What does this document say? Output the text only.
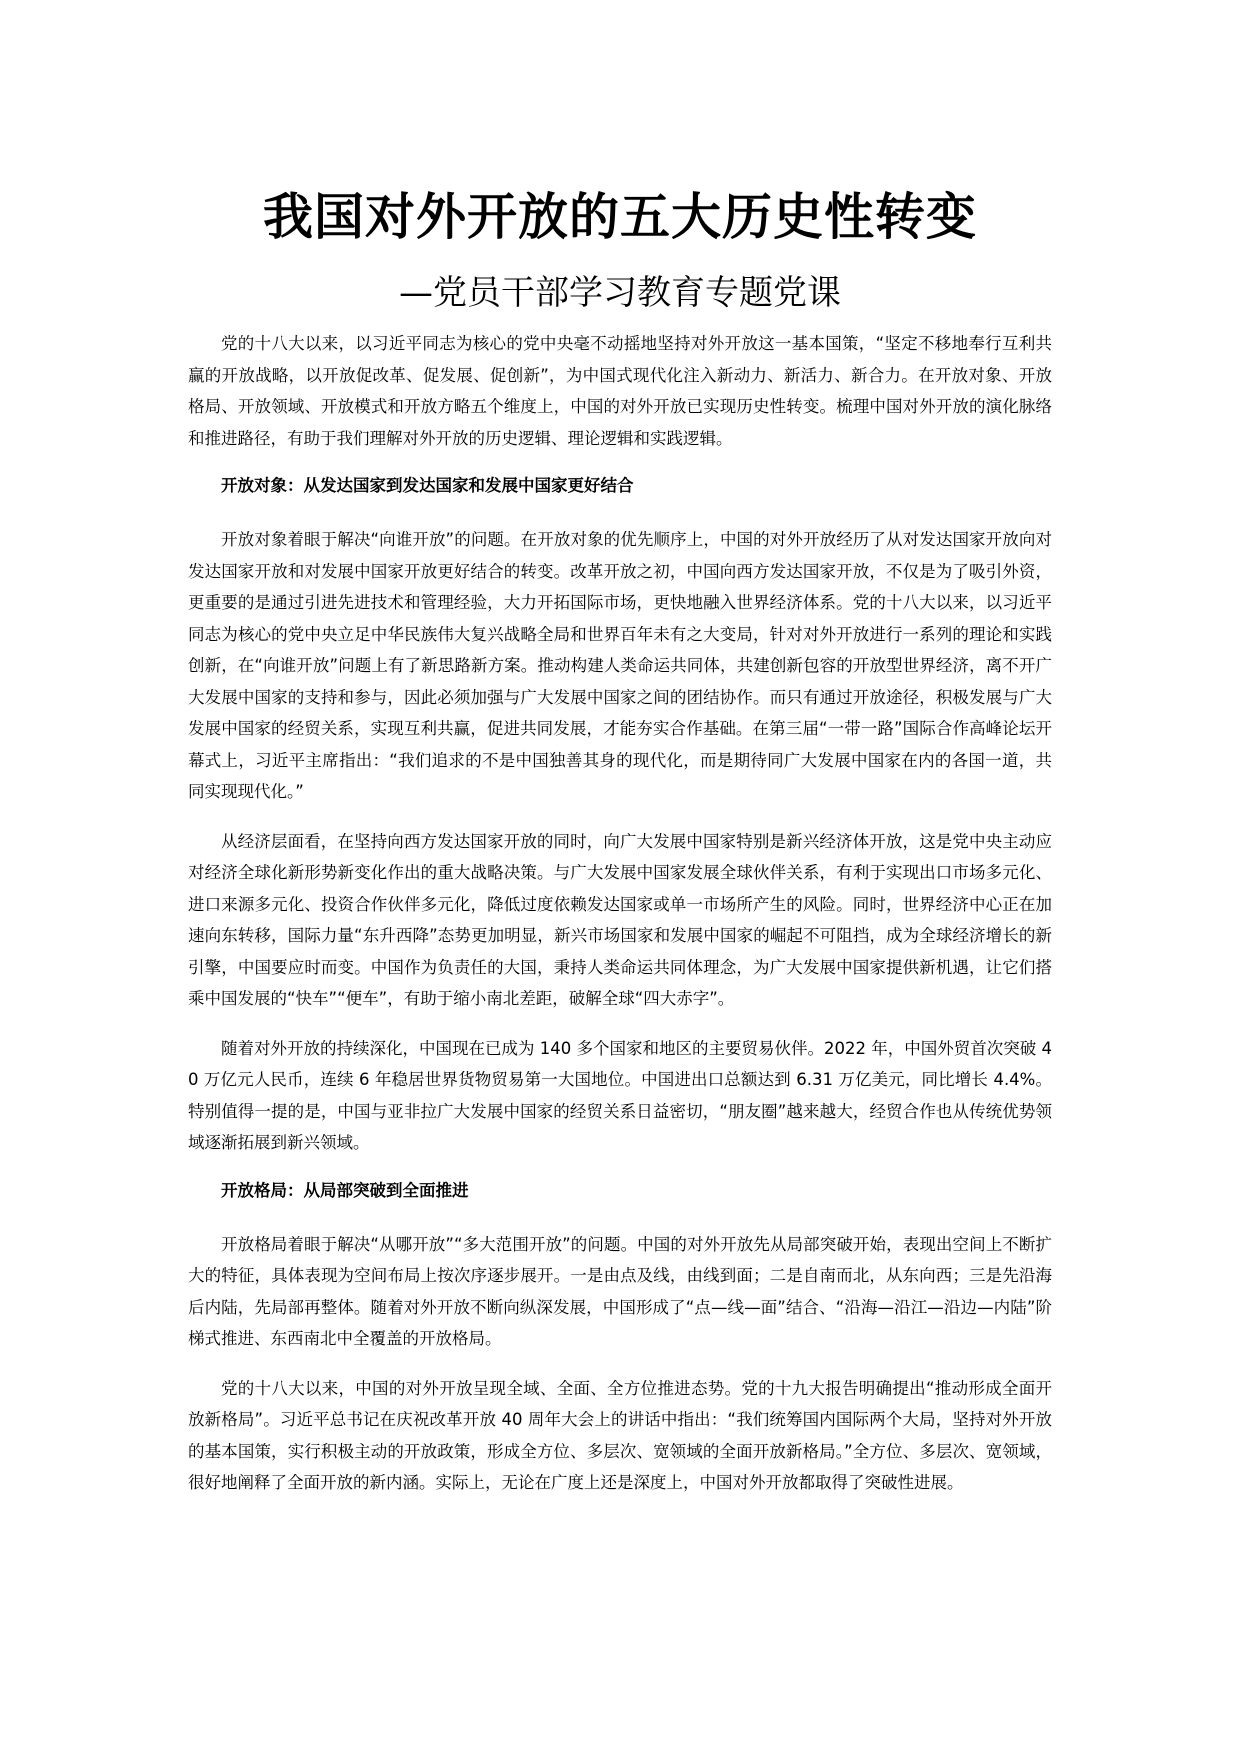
我国对外开放的五大历史性转变
—党员干部学习教育专题党课

党的十八大以来，以习近平同志为核心的党中央毫不动摇地坚持对外开放这一基本国策，“坚定不移地奉行互利共赢的开放战略，以开放促改革、促发展、促创新”，为中国式现代化注入新动力、新活力、新合力。在开放对象、开放格局、开放领域、开放模式和开放方略五个维度上，中国的对外开放已实现历史性转变。梳理中国对外开放的演化脉络和推进路径，有助于我们理解对外开放的历史逻辑、理论逻辑和实践逻辑。

开放对象：从发达国家到发达国家和发展中国家更好结合

开放对象着眼于解决“向谁开放”的问题。在开放对象的优先顺序上，中国的对外开放经历了从对发达国家开放向对发达国家开放和对发展中国家开放更好结合的转变。改革开放之初，中国向西方发达国家开放，不仅是为了吸引外资，更重要的是通过引进先进技术和管理经验，大力开拓国际市场，更快地融入世界经济体系。党的十八大以来，以习近平同志为核心的党中央立足中华民族伟大复兴战略全局和世界百年未有之大变局，针对对外开放进行一系列的理论和实践创新，在“向谁开放”问题上有了新思路新方案。推动构建人类命运共同体，共建创新包容的开放型世界经济，离不开广大发展中国家的支持和参与，因此必须加强与广大发展中国家之间的团结协作。而只有通过开放途径，积极发展与广大发展中国家的经贸关系，实现互利共赢，促进共同发展，才能夯实合作基础。在第三届“一带一路”国际合作高峰论坛开幕式上，习近平主席指出：“我们追求的不是中国独善其身的现代化，而是期待同广大发展中国家在内的各国一道，共同实现现代化。”

从经济层面看，在坚持向西方发达国家开放的同时，向广大发展中国家特别是新兴经济体开放，这是党中央主动应对经济全球化新形势新变化作出的重大战略决策。与广大发展中国家发展全球伙伴关系，有利于实现出口市场多元化、进口来源多元化、投资合作伙伴多元化，降低过度依赖发达国家或单一市场所产生的风险。同时，世界经济中心正在加速向东转移，国际力量“东升西降”态势更加明显，新兴市场国家和发展中国家的崛起不可阻挡，成为全球经济增长的新引擎，中国要应时而变。中国作为负责任的大国，秉持人类命运共同体理念，为广大发展中国家提供新机遇，让它们搭乘中国发展的“快车”“便车”，有助于缩小南北差距，破解全球“四大赤字”。

随着对外开放的持续深化，中国现在已成为 140 多个国家和地区的主要贸易伙伴。2022 年，中国外贸首次突破 40 万亿元人民币，连续 6 年稳居世界货物贸易第一大国地位。中国进出口总额达到 6.31 万亿美元，同比增长 4.4%。特别值得一提的是，中国与亚非拉广大发展中国家的经贸关系日益密切，“朋友圈”越来越大，经贸合作也从传统优势领域逐渐拓展到新兴领域。

开放格局：从局部突破到全面推进

开放格局着眼于解决“从哪开放”“多大范围开放”的问题。中国的对外开放先从局部突破开始，表现出空间上不断扩大的特征，具体表现为空间布局上按次序逐步展开。一是由点及线，由线到面；二是自南而北，从东向西；三是先沿海后内陆，先局部再整体。随着对外开放不断向纵深发展，中国形成了“点—线—面”结合、“沿海—沿江—沿边—内陆”阶梯式推进、东西南北中全覆盖的开放格局。

党的十八大以来，中国的对外开放呈现全域、全面、全方位推进态势。党的十九大报告明确提出“推动形成全面开放新格局”。习近平总书记在庆祝改革开放 40 周年大会上的讲话中指出：“我们统筹国内国际两个大局，坚持对外开放的基本国策，实行积极主动的开放政策，形成全方位、多层次、宽领域的全面开放新格局。”全方位、多层次、宽领域，很好地阐释了全面开放的新内涵。实际上，无论在广度上还是深度上，中国对外开放都取得了突破性进展。
